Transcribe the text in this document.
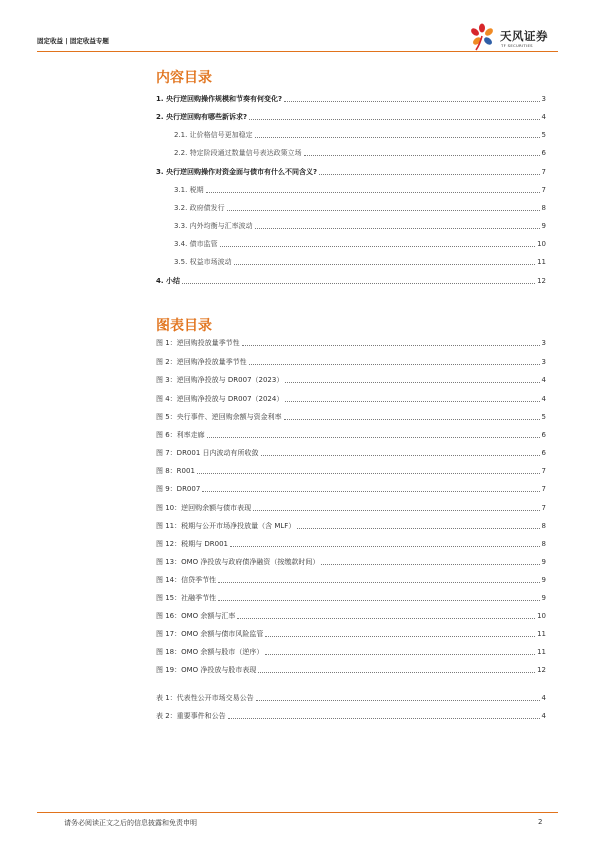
固定收益 | 固定收益专题	天风证券
TF SECURITIES
内容目录
1. 央行逆回购操作规模和节奏有何变化?	3
2. 央行逆回购有哪些新诉求?	4
2.1. 让价格信号更加稳定	5
2.2. 特定阶段通过数量信号表达政策立场	6
3. 央行逆回购操作对资金面与债市有什么不同含义?	7
3.1. 税期	7
3.2. 政府债发行	8
3.3. 内外均衡与汇率波动	9
3.4. 债市监管	10
3.5. 权益市场波动	11
4. 小结	12
图表目录
图 1：逆回购投放量季节性	3
图 2：逆回购净投放量季节性	3
图 3：逆回购净投放与 DR007（2023）	4
图 4：逆回购净投放与 DR007（2024）	4
图 5：央行事件、逆回购余额与资金利率	5
图 6：利率走廊	6
图 7：DR001 日内波动有所收敛	6
图 8：R001	7
图 9：DR007	7
图 10：逆回购余额与债市表现	7
图 11：税期与公开市场净投放量（含 MLF）	8
图 12：税期与 DR001	8
图 13：OMO 净投放与政府债净融资（按缴款时间）	9
图 14：信贷季节性	9
图 15：社融季节性	9
图 16：OMO 余额与汇率	10
图 17：OMO 余额与债市风险监管	11
图 18：OMO 余额与股市（逆序）	11
图 19：OMO 净投放与股市表现	12
表 1：代表性公开市场交易公告	4
表 2：重要事件和公告	4
请务必阅读正文之后的信息披露和免责申明	2
